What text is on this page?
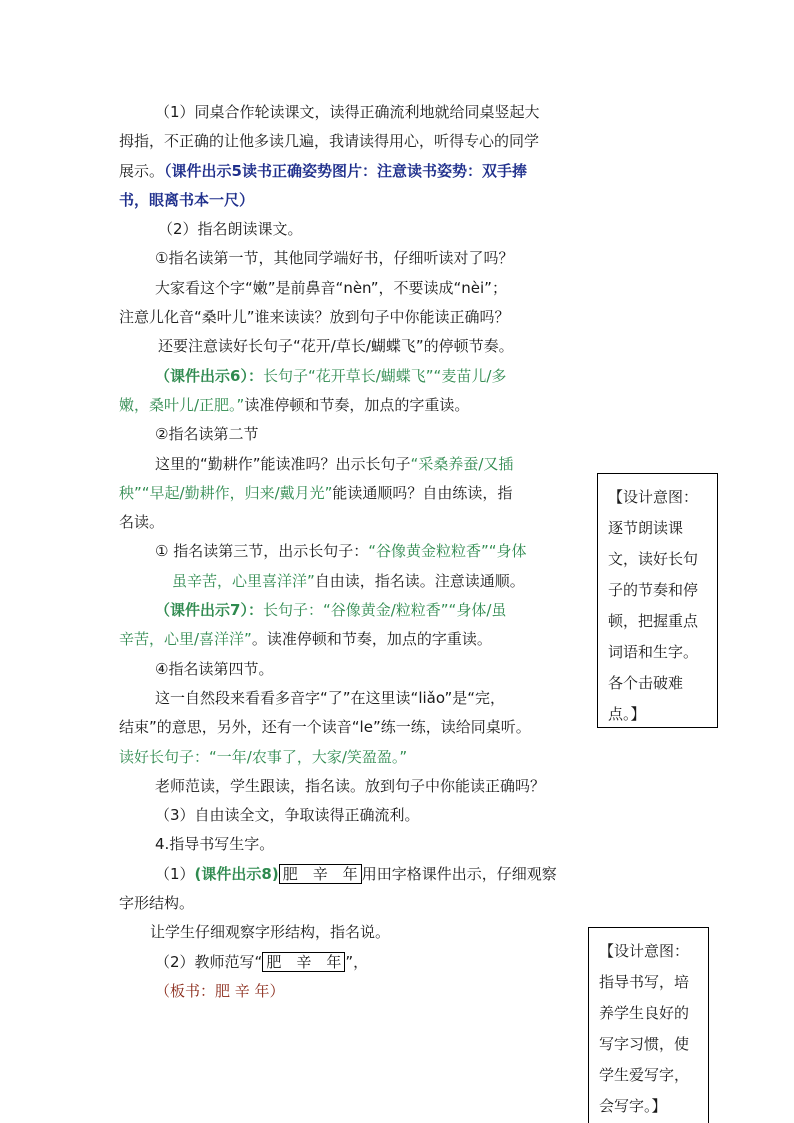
（1）同桌合作轮读课文，读得正确流利地就给同桌竖起大
拇指，不正确的让他多读几遍，我请读得用心，听得专心的同学
展示。（课件出示5读书正确姿势图片：注意读书姿势：双手捧
书，眼离书本一尺）
（2）指名朗读课文。
①指名读第一节，其他同学端好书，仔细听读对了吗？
大家看这个字“嫩”是前鼻音“nèn”，不要读成“nèi”；
注意儿化音“桑叶儿”谁来读读？放到句子中你能读正确吗？
还要注意读好长句子“花开/草长/蝴蝶飞”的停顿节奏。
（课件出示6）：长句子“花开草长/蝴蝶飞”“麦苗儿/多
嫩，桑叶儿/正肥。”读准停顿和节奏，加点的字重读。
②指名读第二节
这里的“勤耕作”能读准吗？出示长句子“采桑养蚕/又插
秧”“早起/勤耕作，归来/戴月光”能读通顺吗？自由练读，指
名读。
① 指名读第三节，出示长句子：“谷像黄金粒粒香”“身体
虽辛苦，心里喜洋洋”自由读，指名读。注意读通顺。
（课件出示7）：长句子：“谷像黄金/粒粒香”“身体/虽
辛苦，心里/喜洋洋”。读准停顿和节奏，加点的字重读。
④指名读第四节。
这一自然段来看看多音字“了”在这里读“liǎo”是“完，
结束”的意思，另外，还有一个读音“le”练一练，读给同桌听。
读好长句子：“一年/农事了，大家/笑盈盈。”
老师范读，学生跟读，指名读。放到句子中你能读正确吗？
（3）自由读全文，争取读得正确流利。
4.指导书写生字。
（1）(课件出示8) 肥　辛　年 用田字格课件出示，仔细观察
字形结构。
让学生仔细观察字形结构，指名说。
（2）教师范写“ 肥　辛　年 ”，
（板书：肥 辛 年）
【设计意图：逐节朗读课文，读好长句子的节奏和停顿，把握重点词语和生字。各个击破难点。】
【设计意图：指导书写，培养学生良好的写字习惯，使学生爱写字，会写字。】
